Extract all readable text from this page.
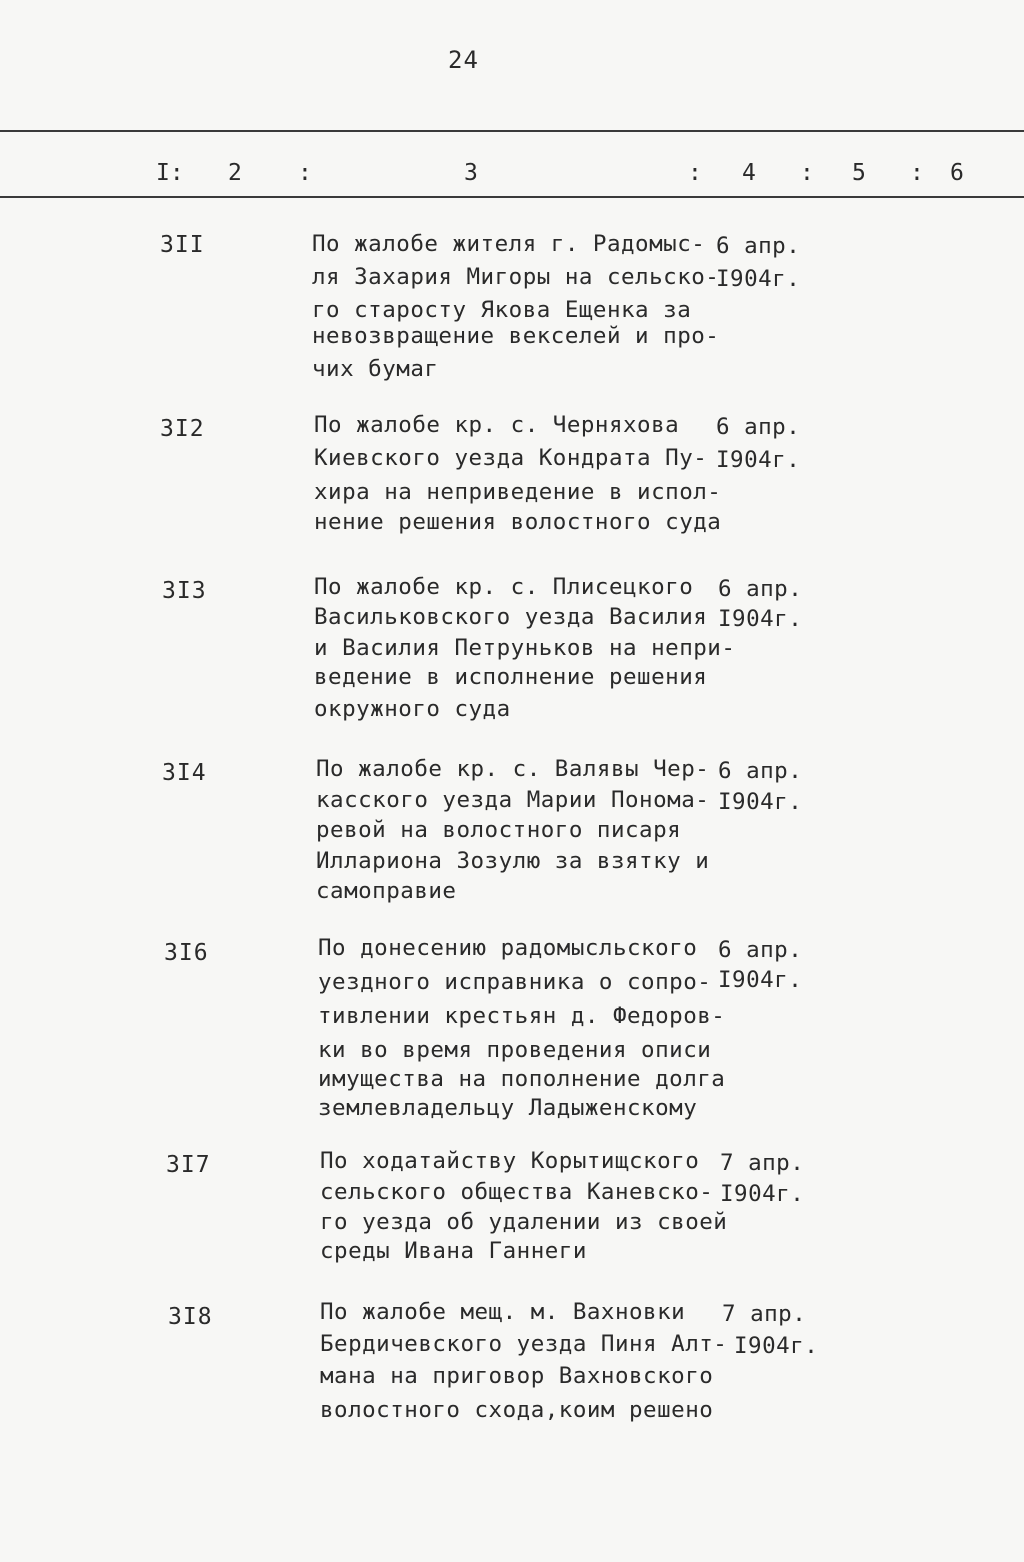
24
I: 2 :	3	: 4 : 5 : 6
3II	По жалобе жителя г. Радомыс-
ля Захария Мигоры на сельско-
го старосту Якова Ещенка за
невозвращение векселей и про-
чих бумаг
6 апр.
I904г.
3I2	По жалобе кр. с. Черняхова
Киевского уезда Кондрата Пу-
хира на неприведение в испол-
нение решения волостного суда
6 апр.
I904г.
3I3	По жалобе кр. с. Плисецкого
Васильковского уезда Василия
и Василия Петруньков на непри-
ведение в исполнение решения
окружного суда
6 апр.
I904г.
3I4	По жалобе кр. с. Валявы Чер-
касского уезда Марии Понома-
ревой на волостного писаря
Иллариона Зозулю за взятку и
самоправие
6 апр.
I904г.
3I6	По донесению радомысльского
уездного исправника о сопро-
тивлении крестьян д. Федоров-
ки во время проведения описи
имущества на пополнение долга
землевладельцу Ладыженскому
6 апр.
I904г.
3I7	По ходатайству Корытищского
сельского общества Каневско-
го уезда об удалении из своей
среды Ивана Ганнеги
7 апр.
I904г.
3I8	По жалобе мещ. м. Вахновки
Бердичевского уезда Пиня Алт-
мана на приговор Вахновского
волостного схода,коим решено
7 апр.
I904г.
